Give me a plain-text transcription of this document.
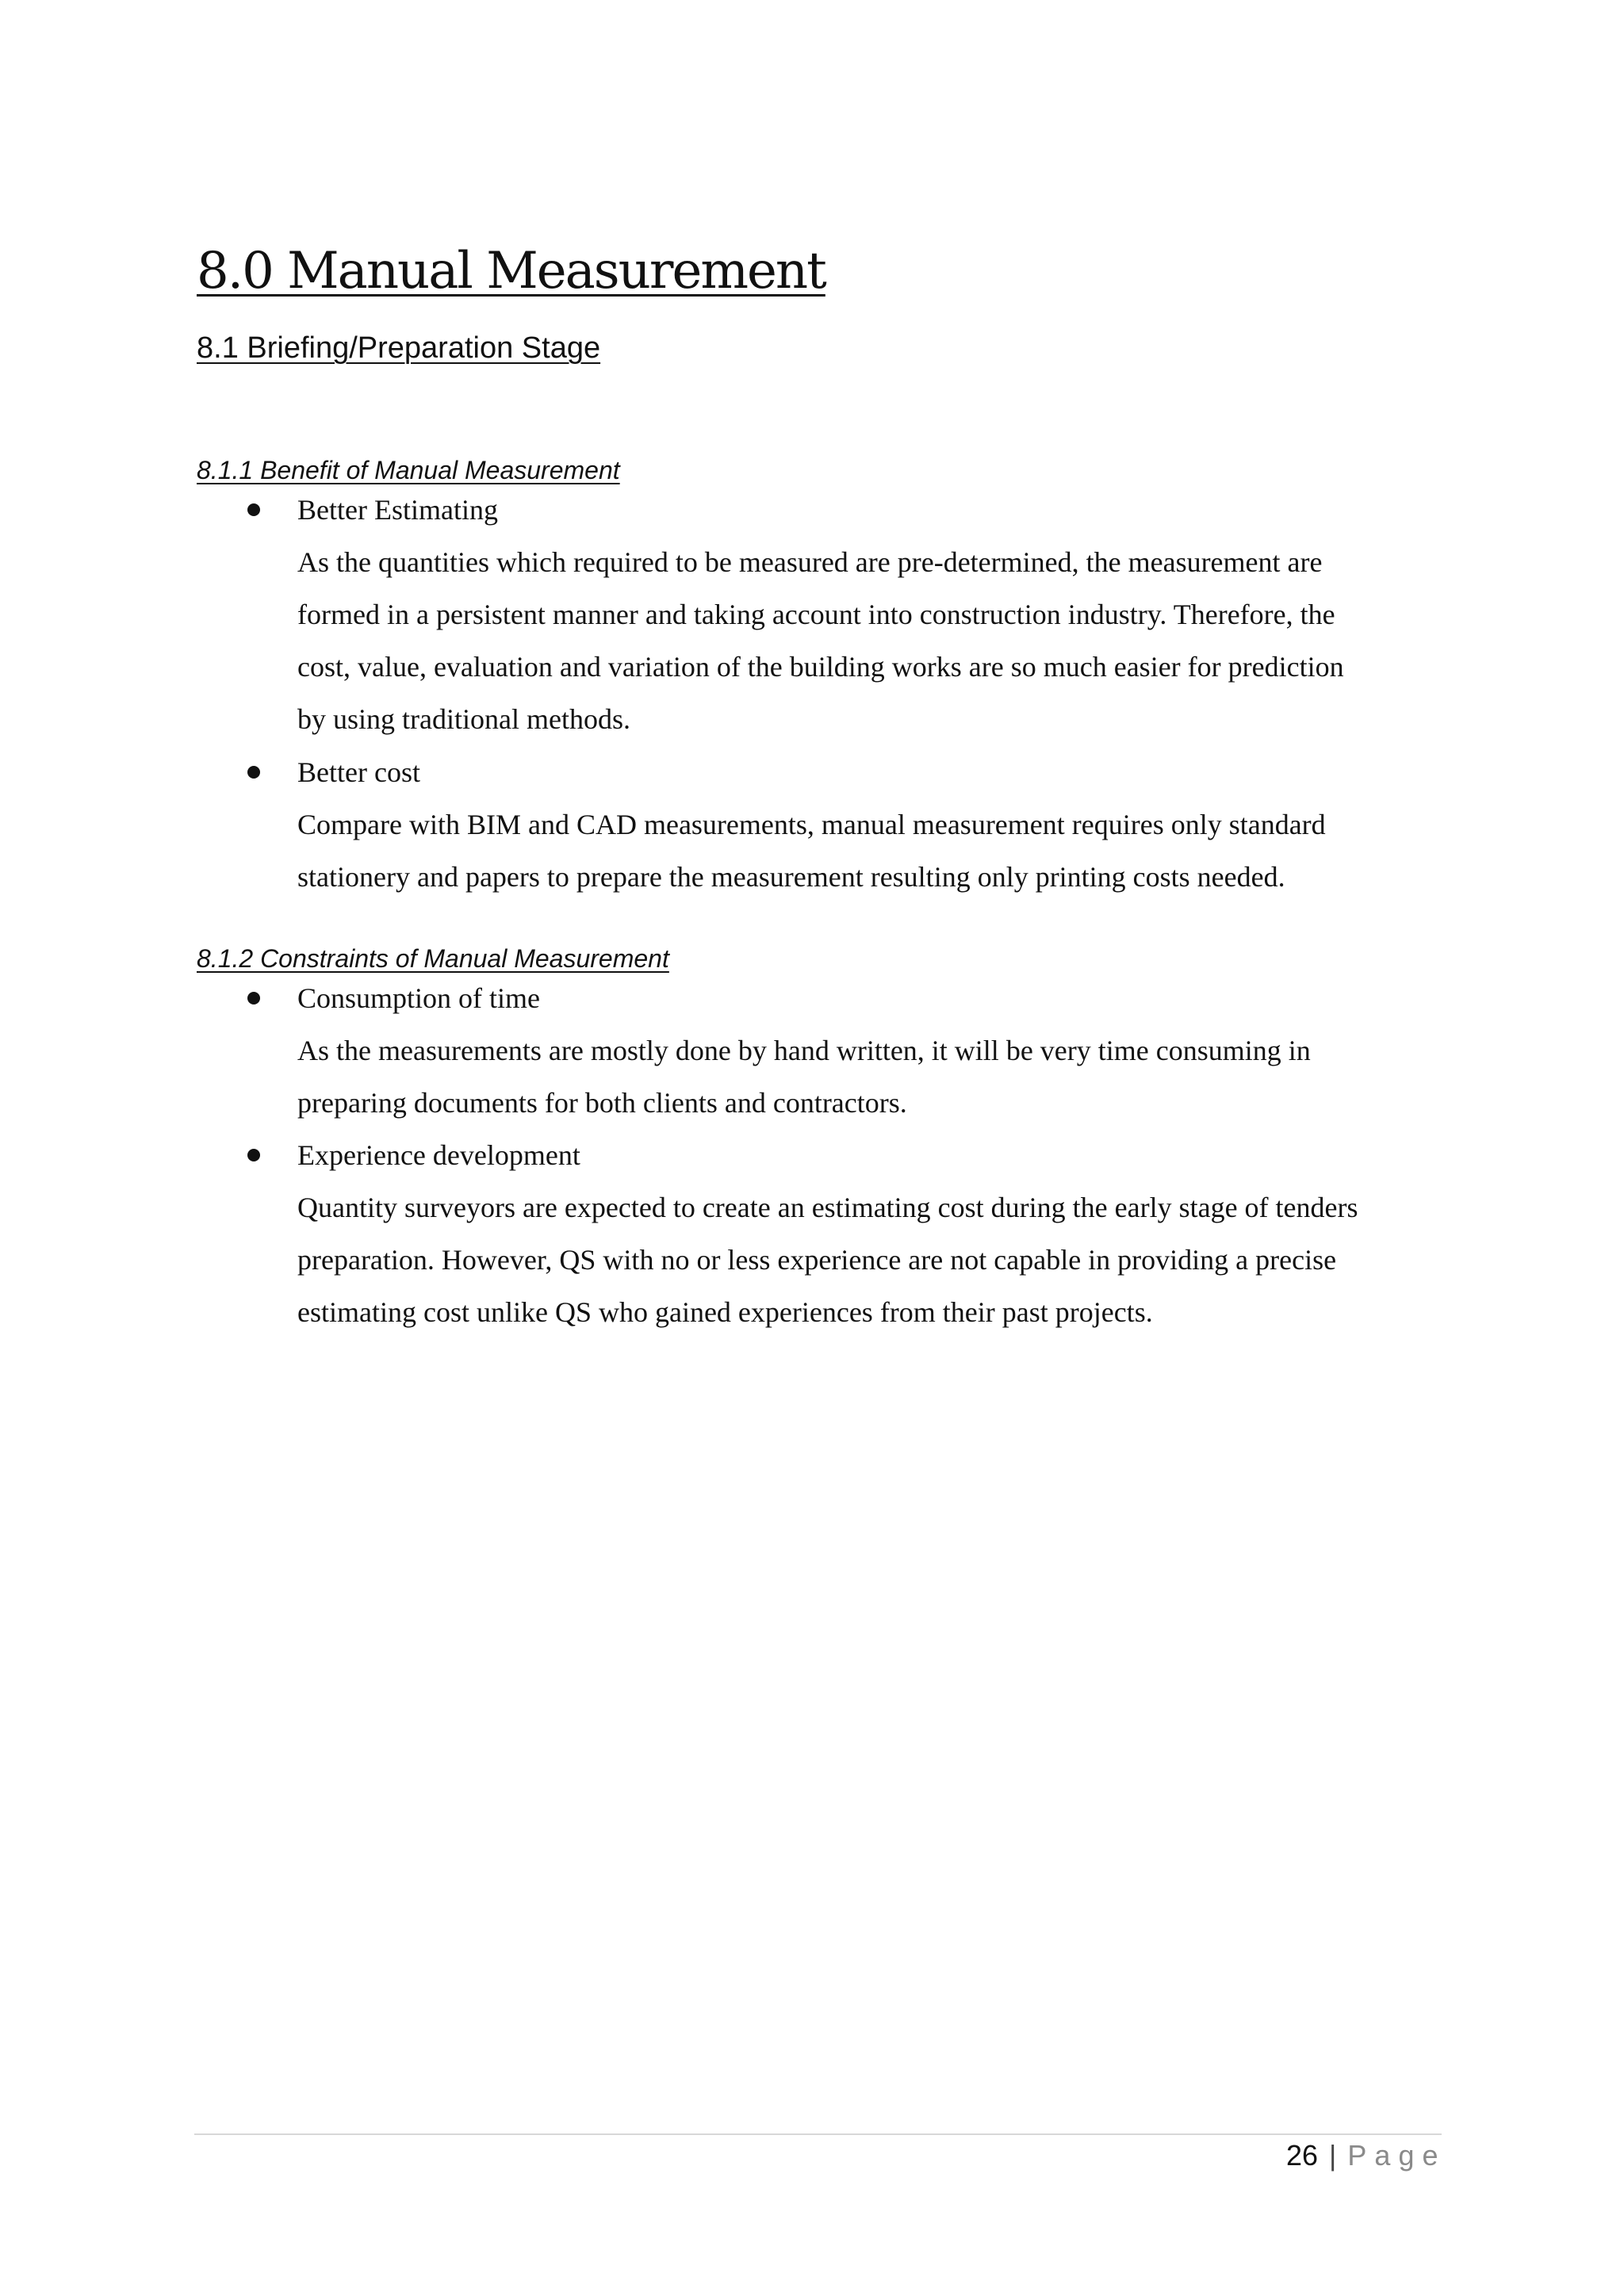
8.0 Manual Measurement
8.1 Briefing/Preparation Stage
8.1.1 Benefit of Manual Measurement
Better Estimating
As the quantities which required to be measured are pre-determined, the measurement are
formed in a persistent manner and taking account into construction industry. Therefore, the
cost, value, evaluation and variation of the building works are so much easier for prediction
by using traditional methods.
Better cost
Compare with BIM and CAD measurements, manual measurement requires only standard
stationery and papers to prepare the measurement resulting only printing costs needed.
8.1.2 Constraints of Manual Measurement
Consumption of time
As the measurements are mostly done by hand written, it will be very time consuming in
preparing documents for both clients and contractors.
Experience development
Quantity surveyors are expected to create an estimating cost during the early stage of tenders
preparation. However, QS with no or less experience are not capable in providing a precise
estimating cost unlike QS who gained experiences from their past projects.
26 | Page
